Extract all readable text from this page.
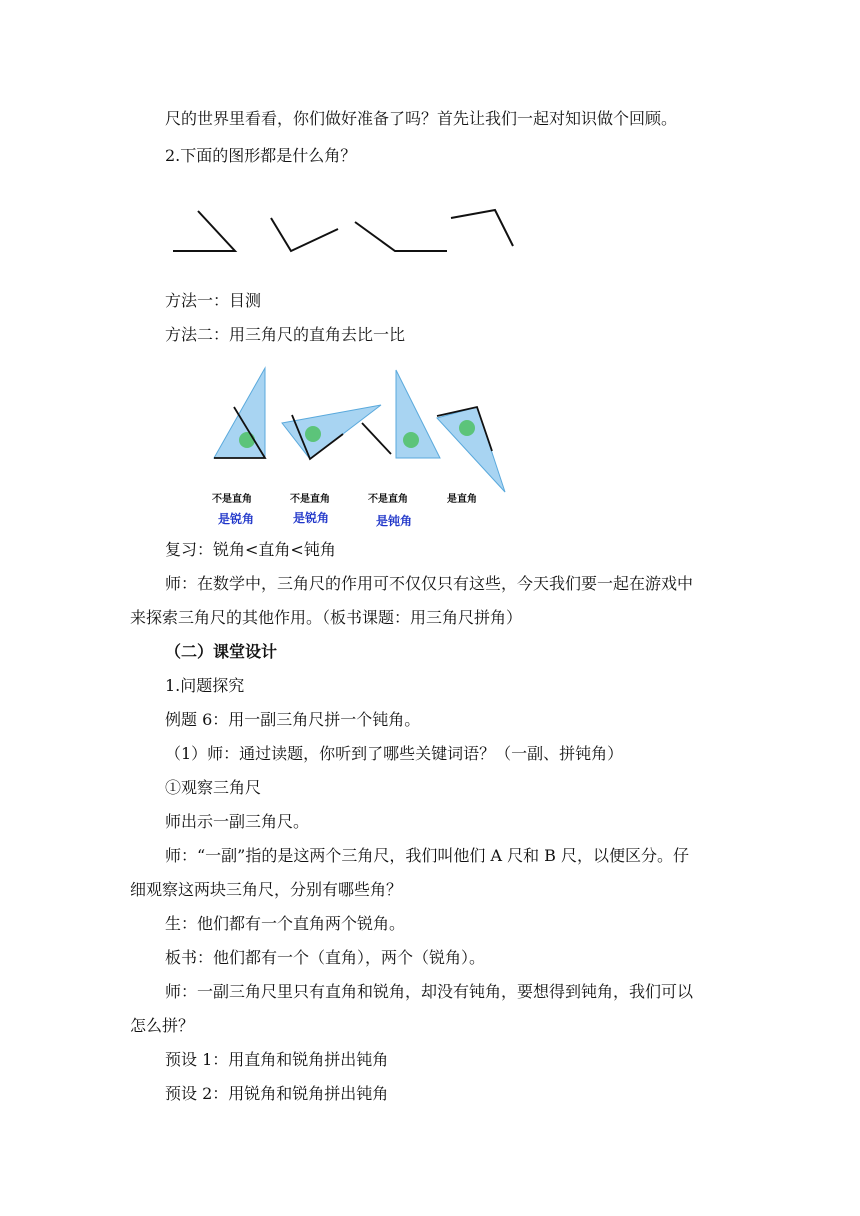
尺的世界里看看，你们做好准备了吗？首先让我们一起对知识做个回顾。
2.下面的图形都是什么角？
不是直角	不是直角	不是直角	是直角
是锐角	是锐角	是钝角
方法一：目测
方法二：用三角尺的直角去比一比
复习：锐角<直角<钝角
师：在数学中，三角尺的作用可不仅仅只有这些，今天我们要一起在游戏中
来探索三角尺的其他作用。（板书课题：用三角尺拼角）
（二）课堂设计
1.问题探究
例题 6：用一副三角尺拼一个钝角。
（1）师：通过读题，你听到了哪些关键词语？（一副、拼钝角）
①观察三角尺
师出示一副三角尺。
师：“一副”指的是这两个三角尺，我们叫他们 A 尺和 B 尺，以便区分。仔
细观察这两块三角尺，分别有哪些角？
生：他们都有一个直角两个锐角。
板书：他们都有一个（直角），两个（锐角）。
师：一副三角尺里只有直角和锐角，却没有钝角，要想得到钝角，我们可以
怎么拼？
预设 1：用直角和锐角拼出钝角
预设 2：用锐角和锐角拼出钝角
